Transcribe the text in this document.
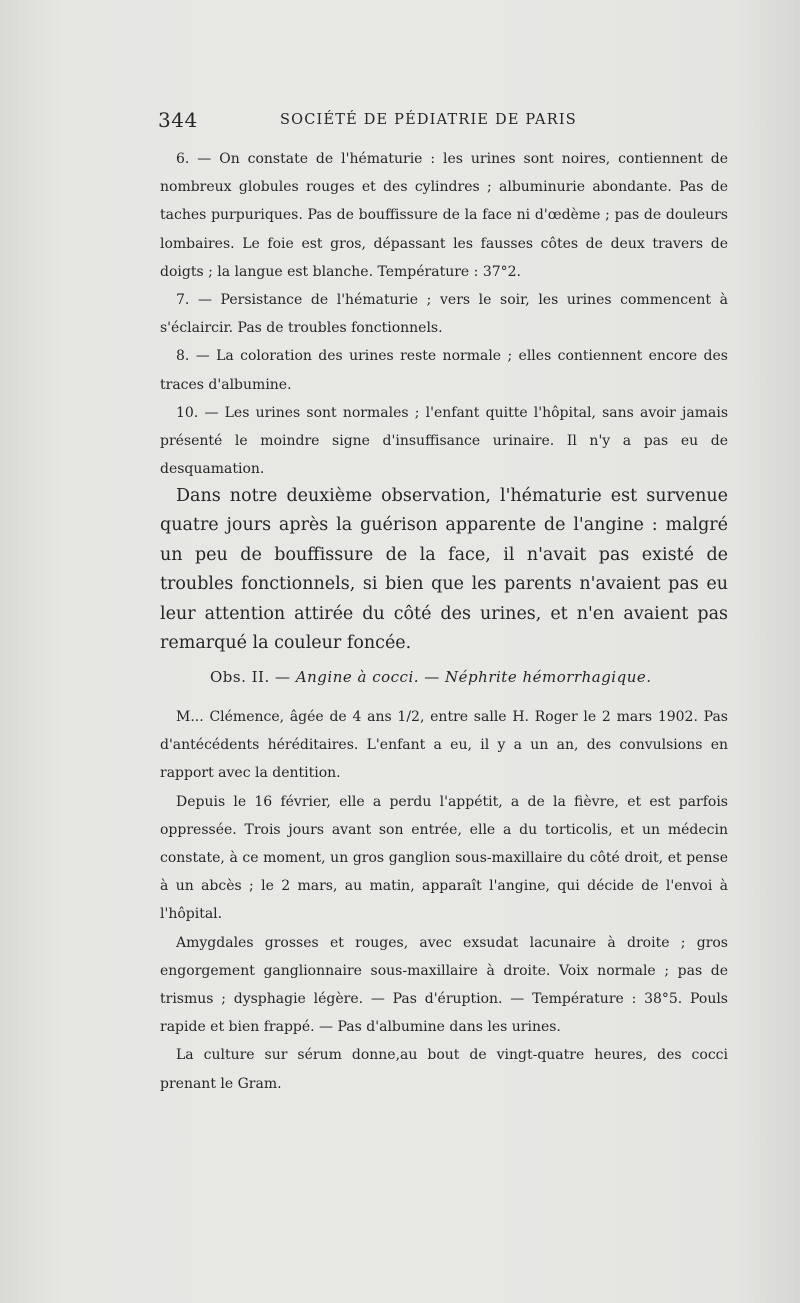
344	SOCIÉTÉ DE PÉDIATRIE DE PARIS

6. — On constate de l'hématurie : les urines sont noires, contiennent de nombreux globules rouges et des cylindres ; albuminurie abondante. Pas de taches purpuriques. Pas de bouffissure de la face ni d'œdème ; pas de douleurs lombaires. Le foie est gros, dépassant les fausses côtes de deux travers de doigts ; la langue est blanche. Température : 37°2.

7. — Persistance de l'hématurie ; vers le soir, les urines commencent à s'éclaircir. Pas de troubles fonctionnels.

8. — La coloration des urines reste normale ; elles contiennent encore des traces d'albumine.

10. — Les urines sont normales ; l'enfant quitte l'hôpital, sans avoir jamais présenté le moindre signe d'insuffisance urinaire. Il n'y a pas eu de desquamation.

Dans notre deuxième observation, l'hématurie est survenue quatre jours après la guérison apparente de l'angine : malgré un peu de bouffissure de la face, il n'avait pas existé de troubles fonctionnels, si bien que les parents n'avaient pas eu leur attention attirée du côté des urines, et n'en avaient pas remarqué la couleur foncée.

Obs. II. — Angine à cocci. — Néphrite hémorrhagique.

M... Clémence, âgée de 4 ans 1/2, entre salle H. Roger le 2 mars 1902. Pas d'antécédents héréditaires. L'enfant a eu, il y a un an, des convulsions en rapport avec la dentition.

Depuis le 16 février, elle a perdu l'appétit, a de la fièvre, et est parfois oppressée. Trois jours avant son entrée, elle a du torticolis, et un médecin constate, à ce moment, un gros ganglion sous-maxillaire du côté droit, et pense à un abcès ; le 2 mars, au matin, apparaît l'angine, qui décide de l'envoi à l'hôpital.

Amygdales grosses et rouges, avec exsudat lacunaire à droite ; gros engorgement ganglionnaire sous-maxillaire à droite. Voix normale ; pas de trismus ; dysphagie légère. — Pas d'éruption. — Température : 38°5. Pouls rapide et bien frappé. — Pas d'albumine dans les urines.

La culture sur sérum donne,au bout de vingt-quatre heures, des cocci prenant le Gram.
